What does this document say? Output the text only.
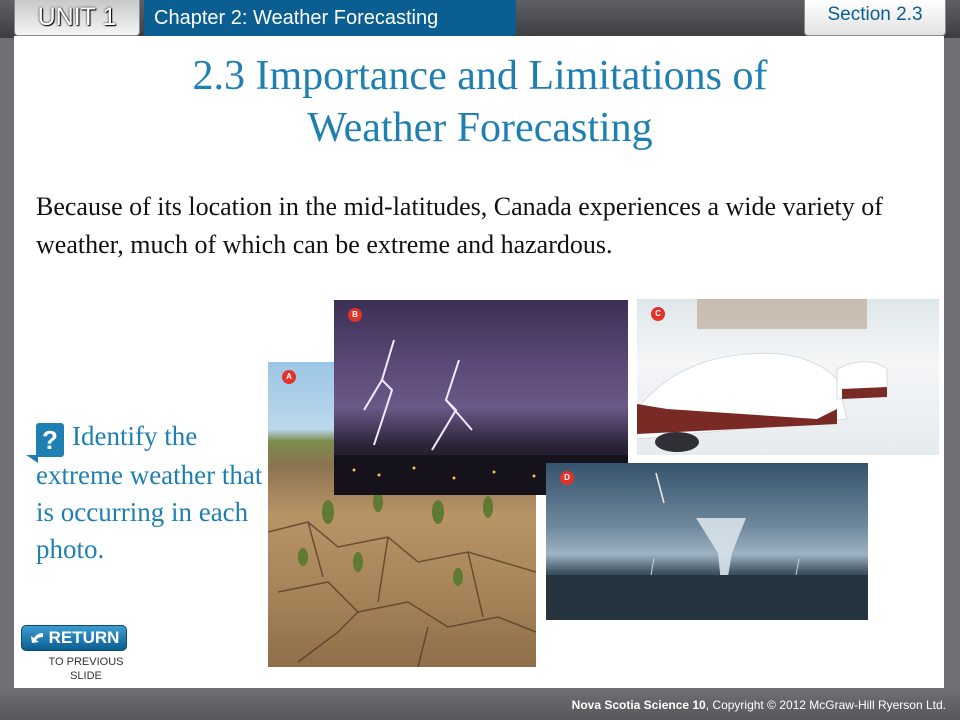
UNIT 1	Chapter 2: Weather Forecasting	Section 2.3
2.3 Importance and Limitations of
Weather Forecasting
Because of its location in the mid-latitudes, Canada experiences a wide variety of weather, much of which can be extreme and hazardous.
A
B	C
D
? Identify the extreme weather that is occurring in each photo.
RETURN
TO PREVIOUS
SLIDE
Nova Scotia Science 10, Copyright © 2012 McGraw-Hill Ryerson Ltd.
